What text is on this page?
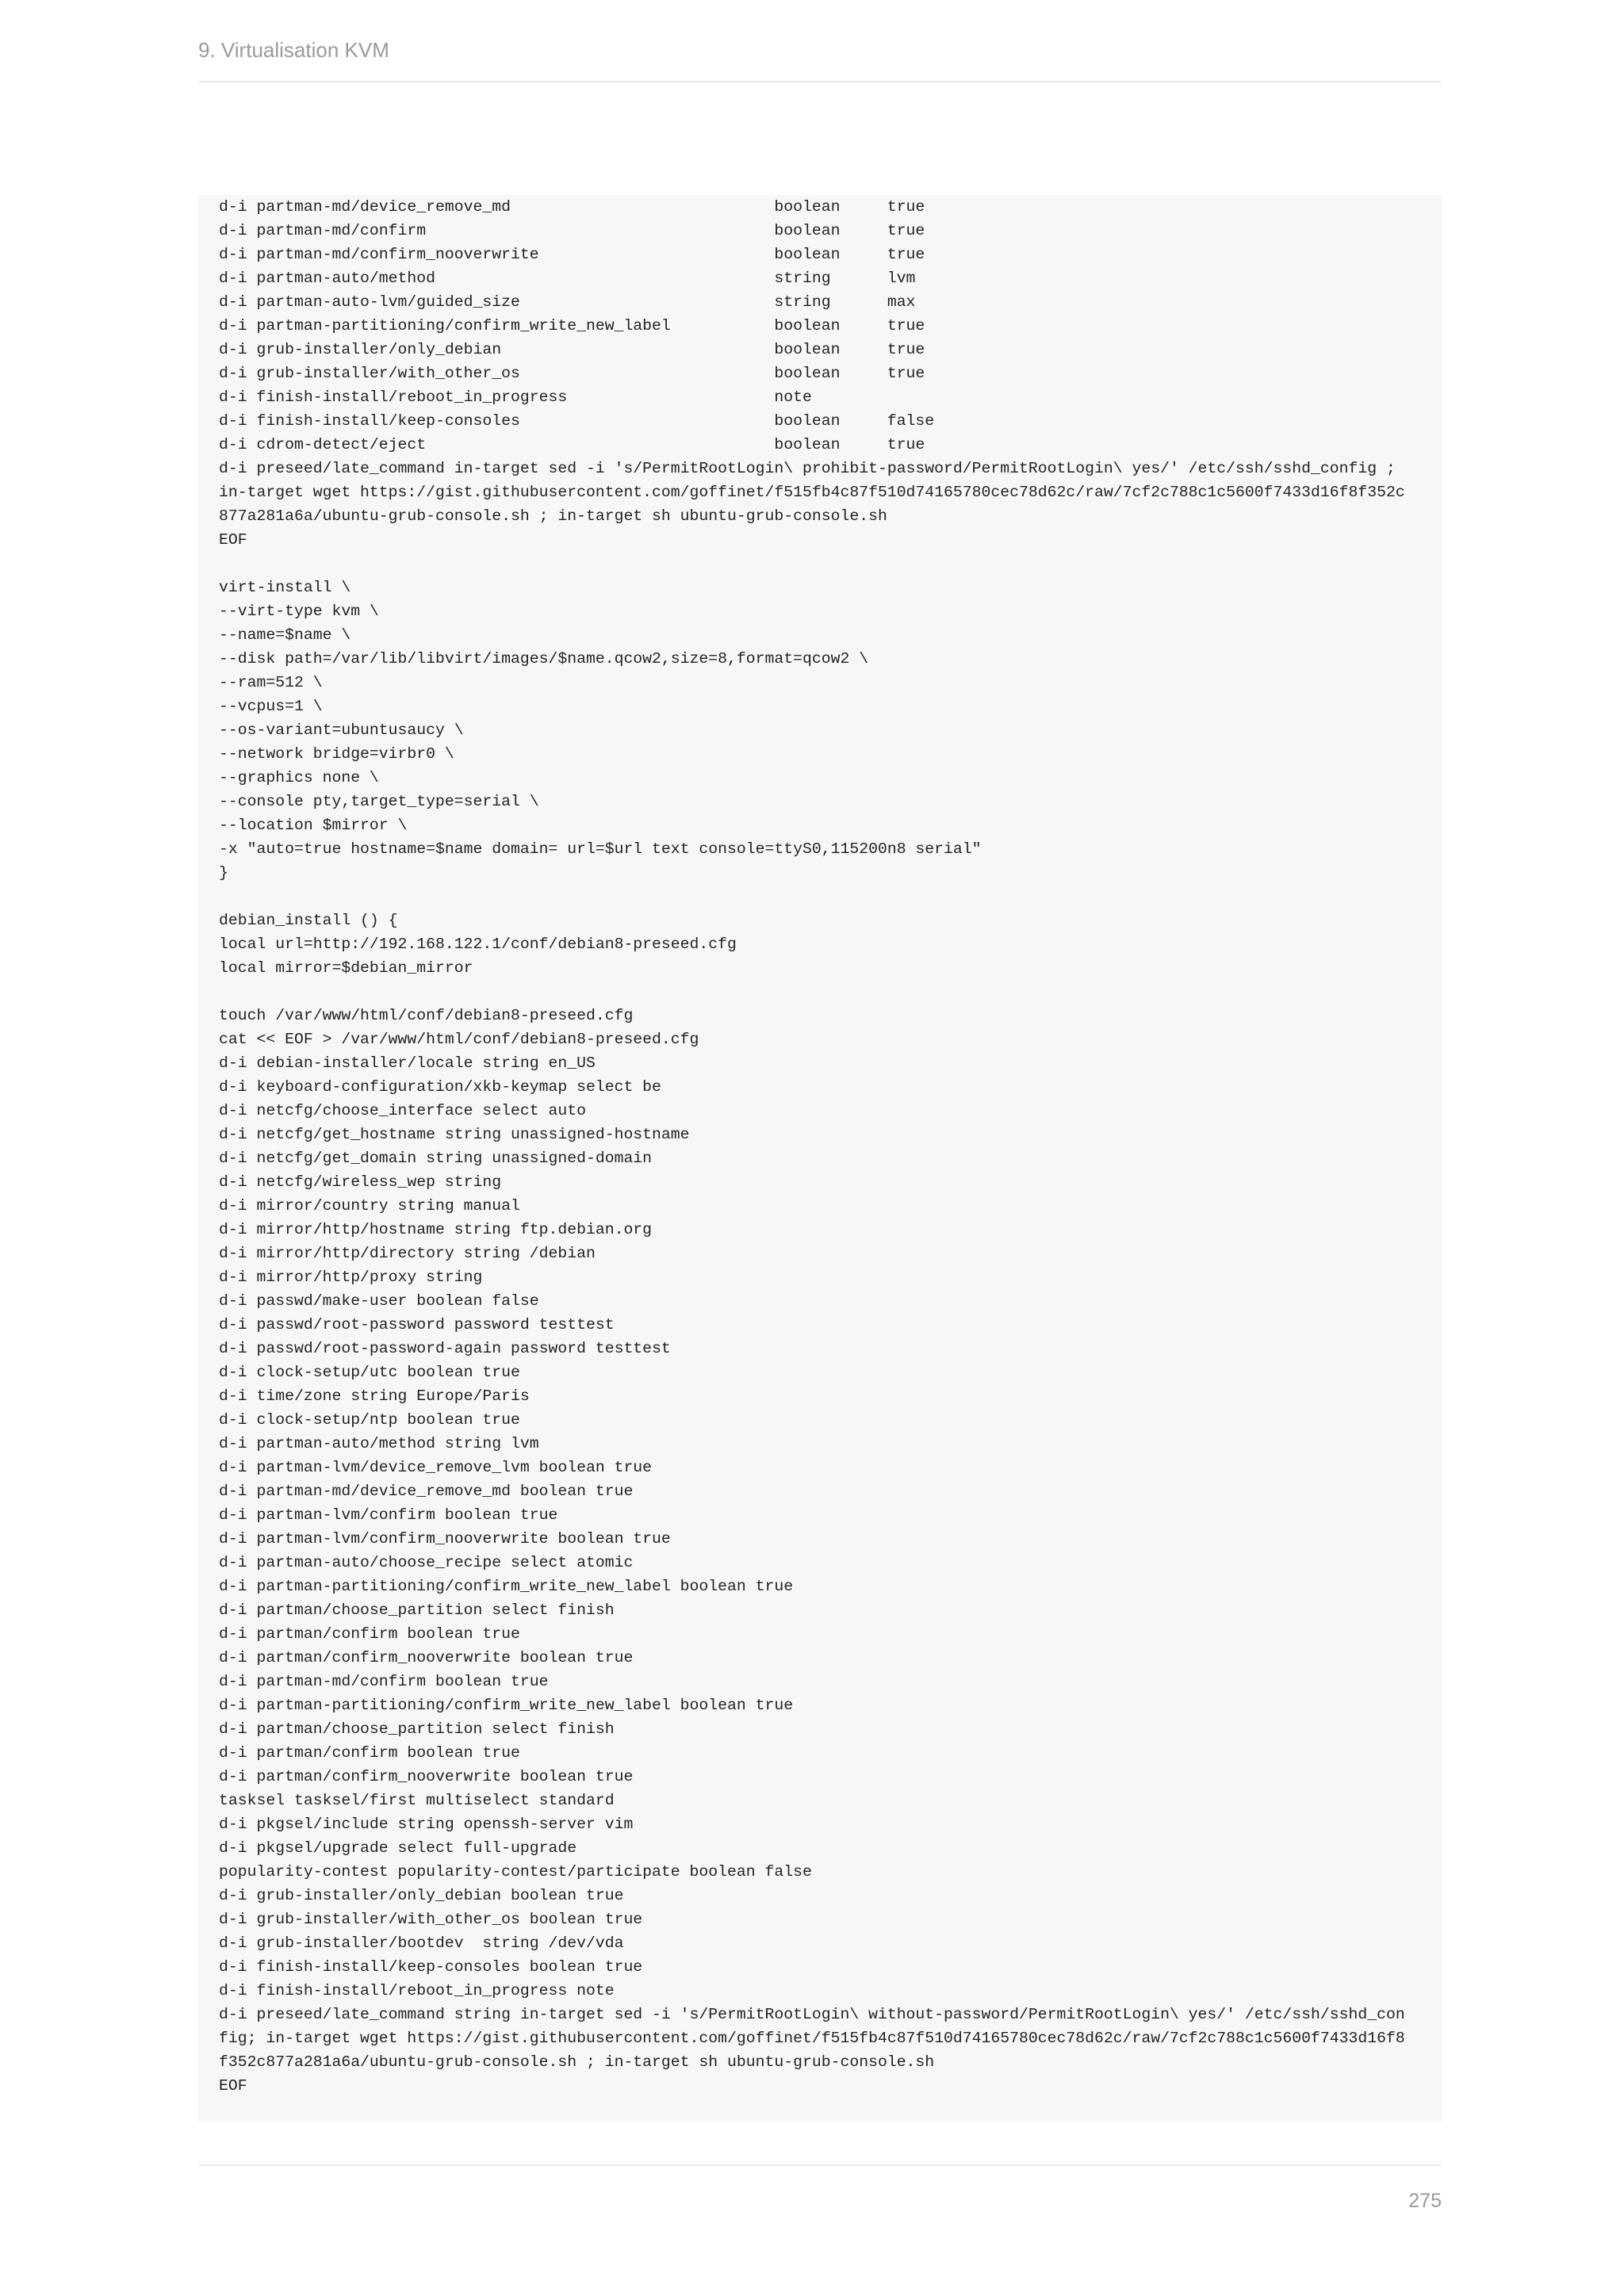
9. Virtualisation KVM
d-i partman-md/device_remove_md                            boolean     true
d-i partman-md/confirm                                     boolean     true
d-i partman-md/confirm_nooverwrite                         boolean     true
d-i partman-auto/method                                    string      lvm
d-i partman-auto-lvm/guided_size                           string      max
d-i partman-partitioning/confirm_write_new_label           boolean     true
d-i grub-installer/only_debian                             boolean     true
d-i grub-installer/with_other_os                           boolean     true
d-i finish-install/reboot_in_progress                      note
d-i finish-install/keep-consoles                           boolean     false
d-i cdrom-detect/eject                                     boolean     true
d-i preseed/late_command in-target sed -i 's/PermitRootLogin\ prohibit-password/PermitRootLogin\ yes/' /etc/ssh/sshd_config ;
in-target wget https://gist.githubusercontent.com/goffinet/f515fb4c87f510d74165780cec78d62c/raw/7cf2c788c1c5600f7433d16f8f352c
877a281a6a/ubuntu-grub-console.sh ; in-target sh ubuntu-grub-console.sh
EOF
virt-install \
--virt-type kvm \
--name=$name \
--disk path=/var/lib/libvirt/images/$name.qcow2,size=8,format=qcow2 \
--ram=512 \
--vcpus=1 \
--os-variant=ubuntusaucy \
--network bridge=virbr0 \
--graphics none \
--console pty,target_type=serial \
--location $mirror \
-x "auto=true hostname=$name domain= url=$url text console=ttyS0,115200n8 serial"
}
debian_install () {
local url=http://192.168.122.1/conf/debian8-preseed.cfg
local mirror=$debian_mirror
touch /var/www/html/conf/debian8-preseed.cfg
cat << EOF > /var/www/html/conf/debian8-preseed.cfg
d-i debian-installer/locale string en_US
d-i keyboard-configuration/xkb-keymap select be
d-i netcfg/choose_interface select auto
d-i netcfg/get_hostname string unassigned-hostname
d-i netcfg/get_domain string unassigned-domain
d-i netcfg/wireless_wep string
d-i mirror/country string manual
d-i mirror/http/hostname string ftp.debian.org
d-i mirror/http/directory string /debian
d-i mirror/http/proxy string
d-i passwd/make-user boolean false
d-i passwd/root-password password testtest
d-i passwd/root-password-again password testtest
d-i clock-setup/utc boolean true
d-i time/zone string Europe/Paris
d-i clock-setup/ntp boolean true
d-i partman-auto/method string lvm
d-i partman-lvm/device_remove_lvm boolean true
d-i partman-md/device_remove_md boolean true
d-i partman-lvm/confirm boolean true
d-i partman-lvm/confirm_nooverwrite boolean true
d-i partman-auto/choose_recipe select atomic
d-i partman-partitioning/confirm_write_new_label boolean true
d-i partman/choose_partition select finish
d-i partman/confirm boolean true
d-i partman/confirm_nooverwrite boolean true
d-i partman-md/confirm boolean true
d-i partman-partitioning/confirm_write_new_label boolean true
d-i partman/choose_partition select finish
d-i partman/confirm boolean true
d-i partman/confirm_nooverwrite boolean true
tasksel tasksel/first multiselect standard
d-i pkgsel/include string openssh-server vim
d-i pkgsel/upgrade select full-upgrade
popularity-contest popularity-contest/participate boolean false
d-i grub-installer/only_debian boolean true
d-i grub-installer/with_other_os boolean true
d-i grub-installer/bootdev  string /dev/vda
d-i finish-install/keep-consoles boolean true
d-i finish-install/reboot_in_progress note
d-i preseed/late_command string in-target sed -i 's/PermitRootLogin\ without-password/PermitRootLogin\ yes/' /etc/ssh/sshd_con
fig; in-target wget https://gist.githubusercontent.com/goffinet/f515fb4c87f510d74165780cec78d62c/raw/7cf2c788c1c5600f7433d16f8
f352c877a281a6a/ubuntu-grub-console.sh ; in-target sh ubuntu-grub-console.sh
EOF
275
